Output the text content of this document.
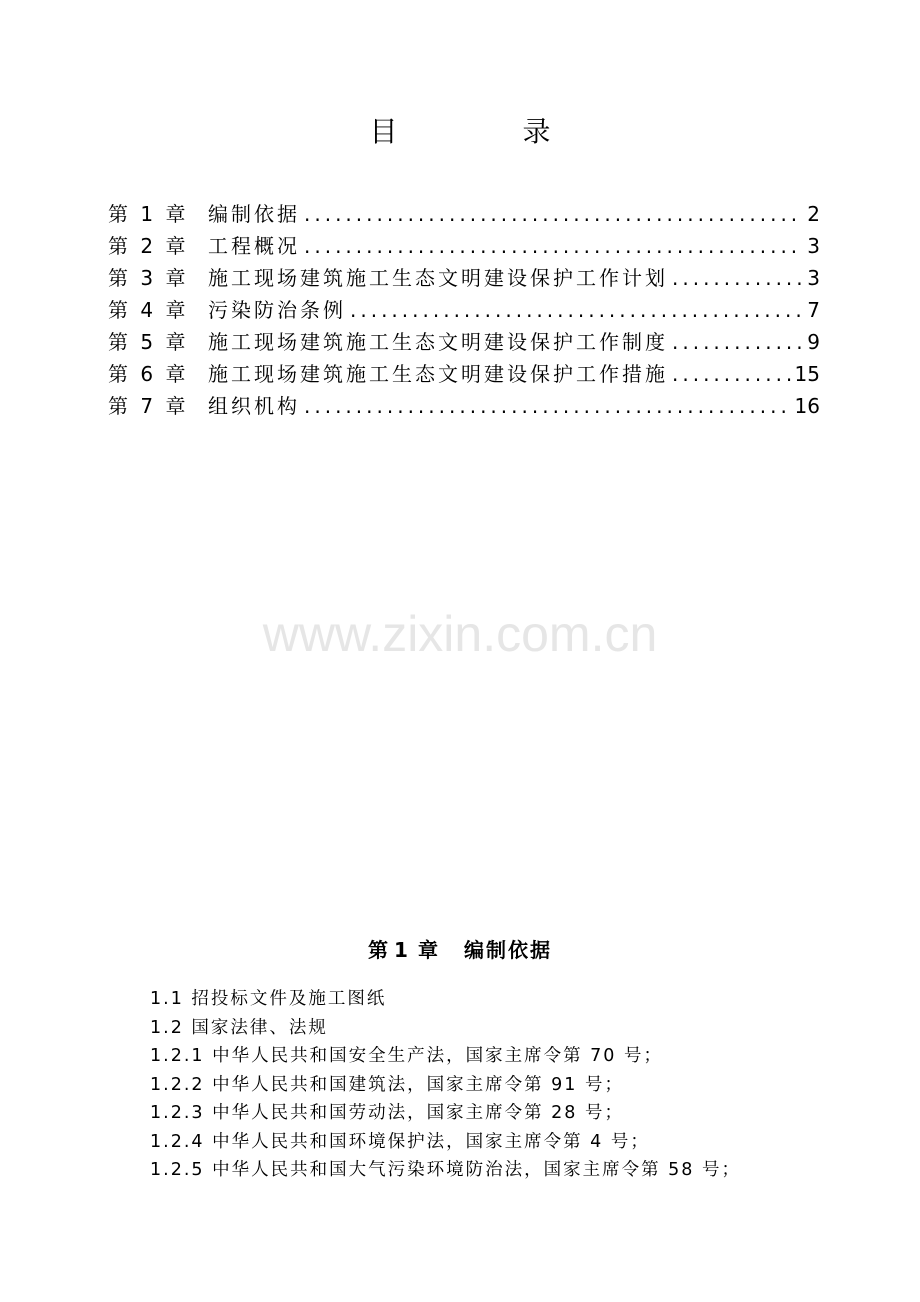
目 录
第 1 章 编制依据 .....	2
第 2 章 工程概况 .....	3
第 3 章 施工现场建筑施工生态文明建设保护工作计划 .....	3
第 4 章 污染防治条例 .....	7
第 5 章 施工现场建筑施工生态文明建设保护工作制度 .....	9
第 6 章 施工现场建筑施工生态文明建设保护工作措施 .....	15
第 7 章 组织机构 .....	16
www.zixin.com.cn
第 1 章 编制依据
1.1 招投标文件及施工图纸
1.2 国家法律、法规
1.2.1 中华人民共和国安全生产法，国家主席令第 70 号；
1.2.2 中华人民共和国建筑法，国家主席令第 91 号；
1.2.3 中华人民共和国劳动法，国家主席令第 28 号；
1.2.4 中华人民共和国环境保护法，国家主席令第 4 号；
1.2.5 中华人民共和国大气污染环境防治法，国家主席令第 58 号；
